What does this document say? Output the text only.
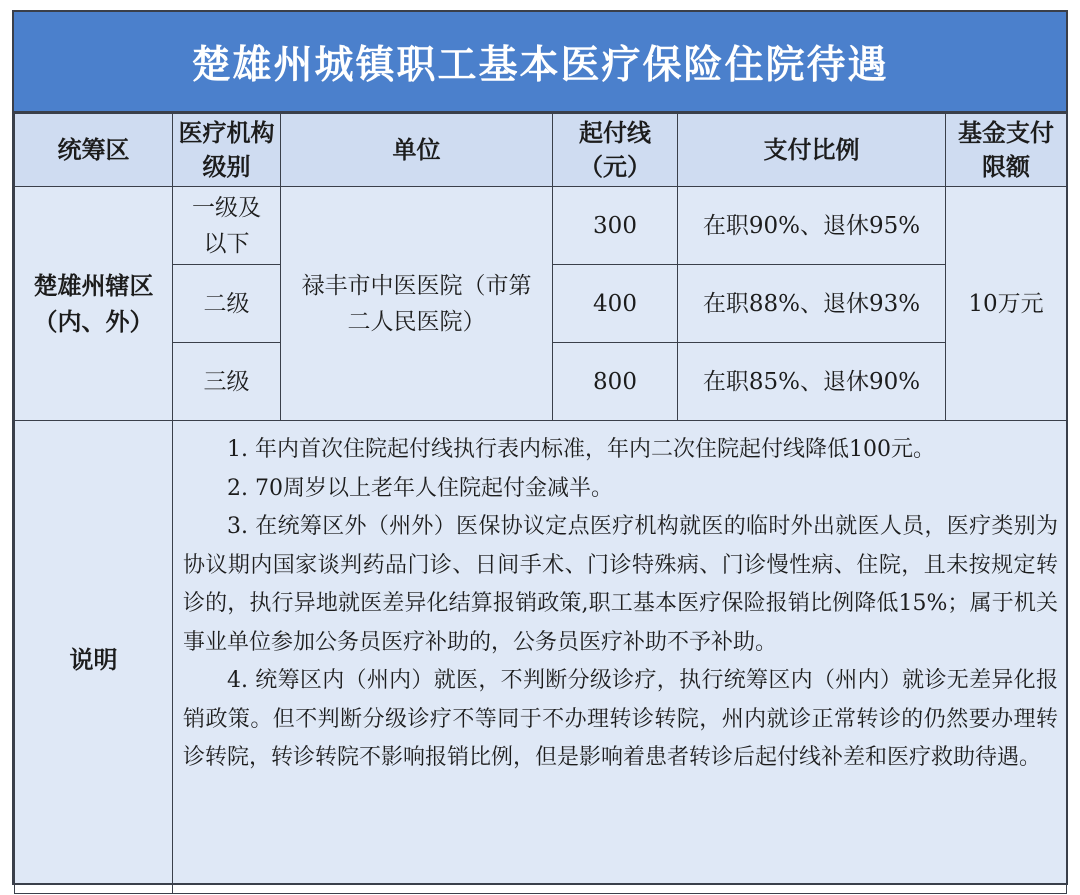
楚雄州城镇职工基本医疗保险住院待遇
统筹区	医疗机构级别	单位	起付线（元）	支付比例	基金支付限额
楚雄州辖区（内、外）	一级及以下	禄丰市中医医院（市第二人民医院）	300	在职90%、退休95%	10万元
	二级		400	在职88%、退休93%	
	三级		800	在职85%、退休90%	
说明	1. 年内首次住院起付线执行表内标准，年内二次住院起付线降低100元。

2. 70周岁以上老年人住院起付金减半。

3. 在统筹区外（州外）医保协议定点医疗机构就医的临时外出就医人员，医疗类别为协议期内国家谈判药品门诊、日间手术、门诊特殊病、门诊慢性病、住院，且未按规定转诊的，执行异地就医差异化结算报销政策,职工基本医疗保险报销比例降低15%；属于机关事业单位参加公务员医疗补助的，公务员医疗补助不予补助。

4. 统筹区内（州内）就医，不判断分级诊疗，执行统筹区内（州内）就诊无差异化报销政策。但不判断分级诊疗不等同于不办理转诊转院，州内就诊正常转诊的仍然要办理转诊转院，转诊转院不影响报销比例，但是影响着患者转诊后起付线补差和医疗救助待遇。				
